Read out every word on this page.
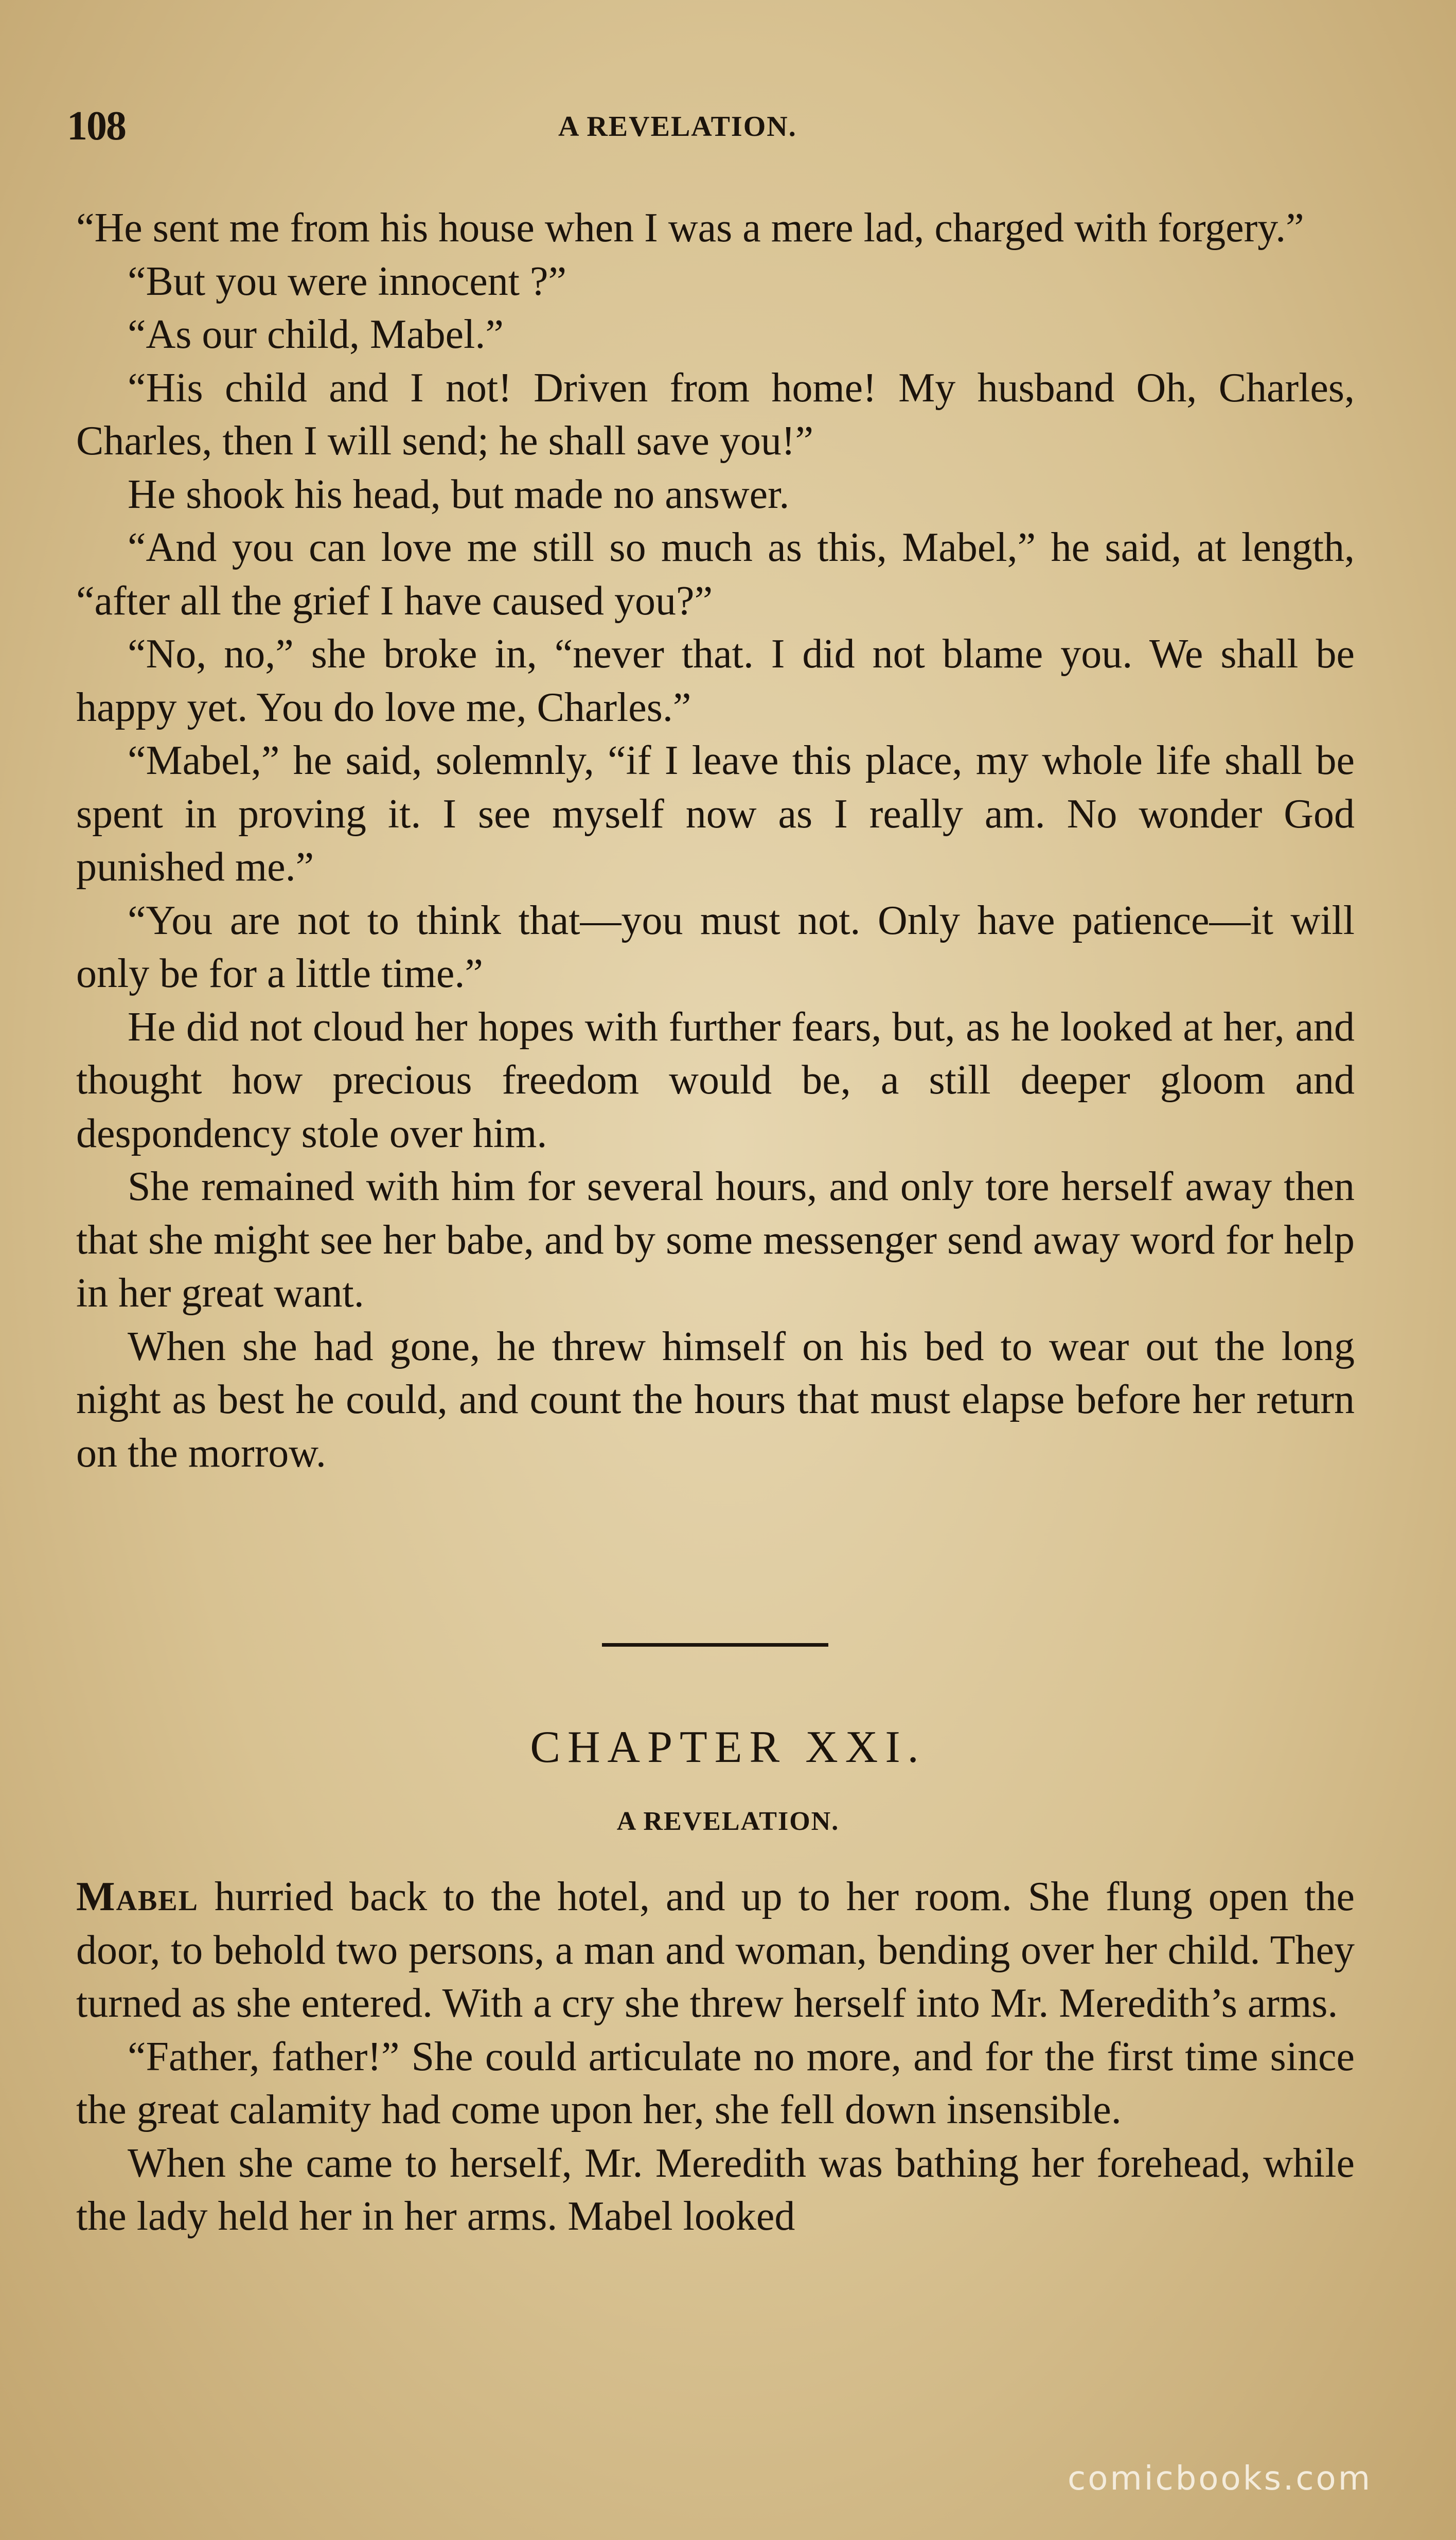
108	A REVELATION.

“He sent me from his house when I was a mere lad, charged with forgery.”

“But you were innocent ?”

“As our child, Mabel.”

“His child and I not! Driven from home! My husband Oh, Charles, Charles, then I will send; he shall save you!”

He shook his head, but made no answer.

“And you can love me still so much as this, Mabel,” he said, at length, “after all the grief I have caused you?”

“No, no,” she broke in, “never that. I did not blame you. We shall be happy yet. You do love me, Charles.”

“Mabel,” he said, solemnly, “if I leave this place, my whole life shall be spent in proving it. I see myself now as I really am. No wonder God punished me.”

“You are not to think that—you must not. Only have patience—it will only be for a little time.”

He did not cloud her hopes with further fears, but, as he looked at her, and thought how precious freedom would be, a still deeper gloom and despondency stole over him.

She remained with him for several hours, and only tore herself away then that she might see her babe, and by some messenger send away word for help in her great want.

When she had gone, he threw himself on his bed to wear out the long night as best he could, and count the hours that must elapse before her return on the morrow.

CHAPTER XXI.
A REVELATION.

Mabel hurried back to the hotel, and up to her room. She flung open the door, to behold two persons, a man and woman, bending over her child. They turned as she entered. With a cry she threw herself into Mr. Meredith’s arms.

“Father, father!” She could articulate no more, and for the first time since the great calamity had come upon her, she fell down insensible.

When she came to herself, Mr. Meredith was bathing her forehead, while the lady held her in her arms. Mabel looked

comicbooks.com
